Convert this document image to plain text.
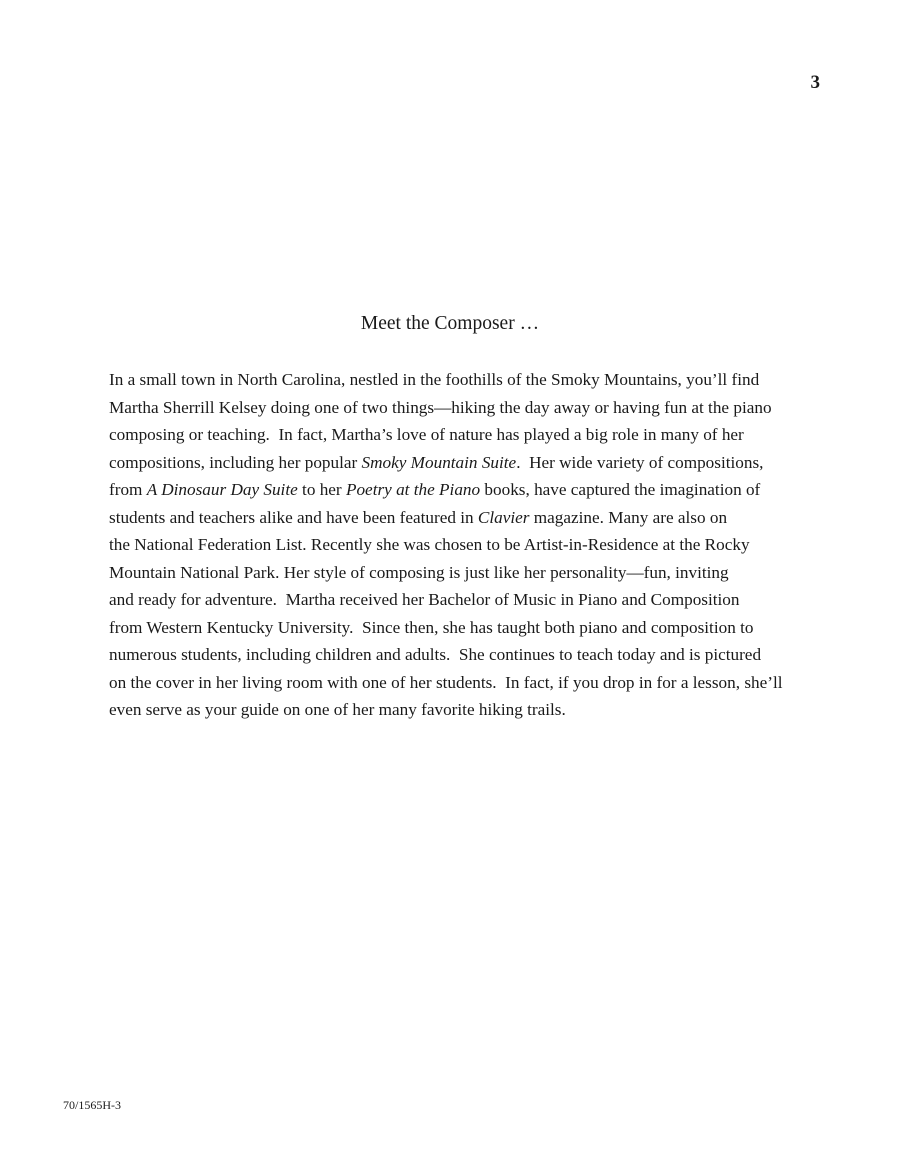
3
Meet the Composer …
In a small town in North Carolina, nestled in the foothills of the Smoky Mountains, you’ll find
Martha Sherrill Kelsey doing one of two things—hiking the day away or having fun at the piano
composing or teaching.  In fact, Martha’s love of nature has played a big role in many of her
compositions, including her popular Smoky Mountain Suite.  Her wide variety of compositions,
from A Dinosaur Day Suite to her Poetry at the Piano books, have captured the imagination of
students and teachers alike and have been featured in Clavier magazine. Many are also on
the National Federation List. Recently she was chosen to be Artist-in-Residence at the Rocky
Mountain National Park. Her style of composing is just like her personality—fun, inviting
and ready for adventure.  Martha received her Bachelor of Music in Piano and Composition
from Western Kentucky University.  Since then, she has taught both piano and composition to
numerous students, including children and adults.  She continues to teach today and is pictured
on the cover in her living room with one of her students.  In fact, if you drop in for a lesson, she’ll
even serve as your guide on one of her many favorite hiking trails.
70/1565H-3
